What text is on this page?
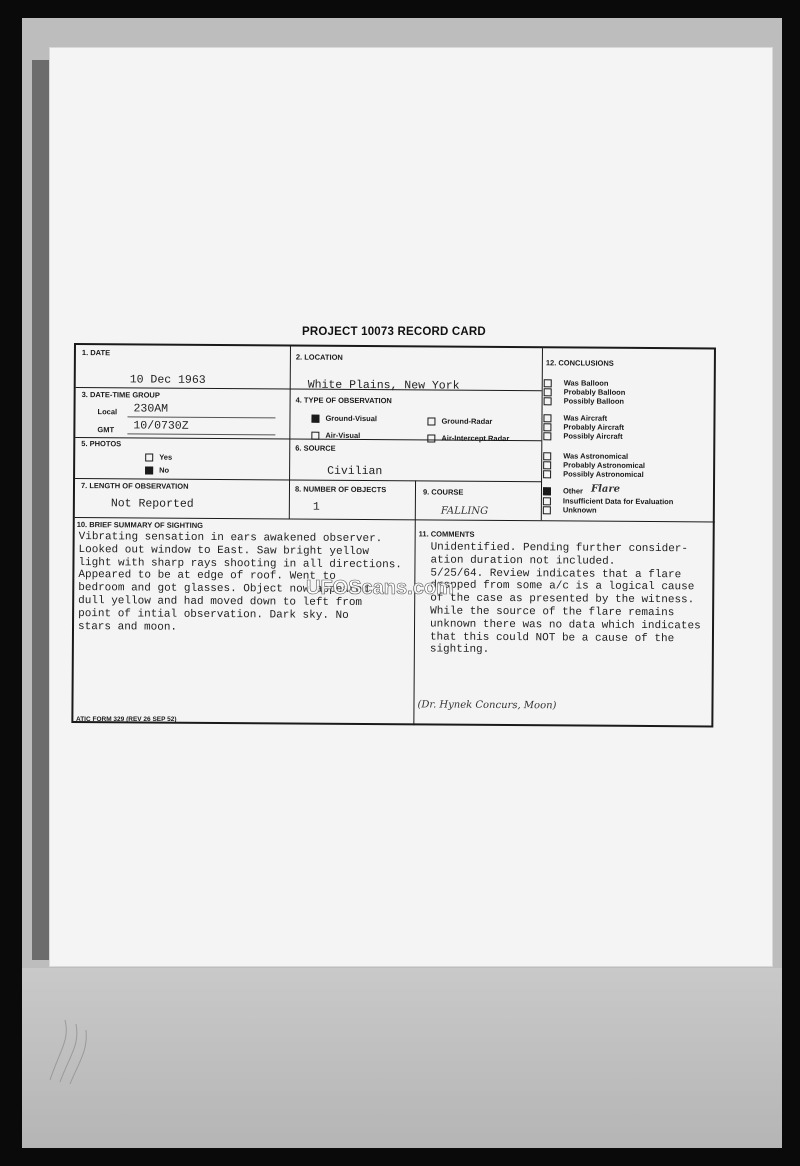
PROJECT 10073 RECORD CARD
1. DATE
10 Dec 1963
2. LOCATION
White Plains, New York
3. DATE-TIME GROUP
Local 230AM
GMT 10/0730Z
4. TYPE OF OBSERVATION
Ground-Visual	Ground-Radar
Air-Visual	Air-Intercept Radar
5. PHOTOS
Yes
No
6. SOURCE
Civilian
7. LENGTH OF OBSERVATION
Not Reported
8. NUMBER OF OBJECTS
1
9. COURSE
FALLING
10. BRIEF SUMMARY OF SIGHTING
Vibrating sensation in ears awakened observer.
Looked out window to East. Saw bright yellow
light with sharp rays shooting in all directions.
Appeared to be at edge of roof. Went to
bedroom and got glasses. Object now appeared
dull yellow and had moved down to left from
point of intial observation. Dark sky. No
stars and moon.
11. COMMENTS
Unidentified. Pending further consider-
ation duration not included.
5/25/64. Review indicates that a flare
dropped from some a/c is a logical cause
of the case as presented by the witness.
While the source of the flare remains
unknown there was no data which indicates
that this could NOT be a cause of the
sighting.
(Dr. Hynek Concurs, Moon)
12. CONCLUSIONS
Was Balloon
Probably Balloon
Possibly Balloon
Was Aircraft
Probably Aircraft
Possibly Aircraft
Was Astronomical
Probably Astronomical
Possibly Astronomical
Other Flare
Insufficient Data for Evaluation
Unknown
ATIC FORM 329 (REV 26 SEP 52)
UFOScans.com
